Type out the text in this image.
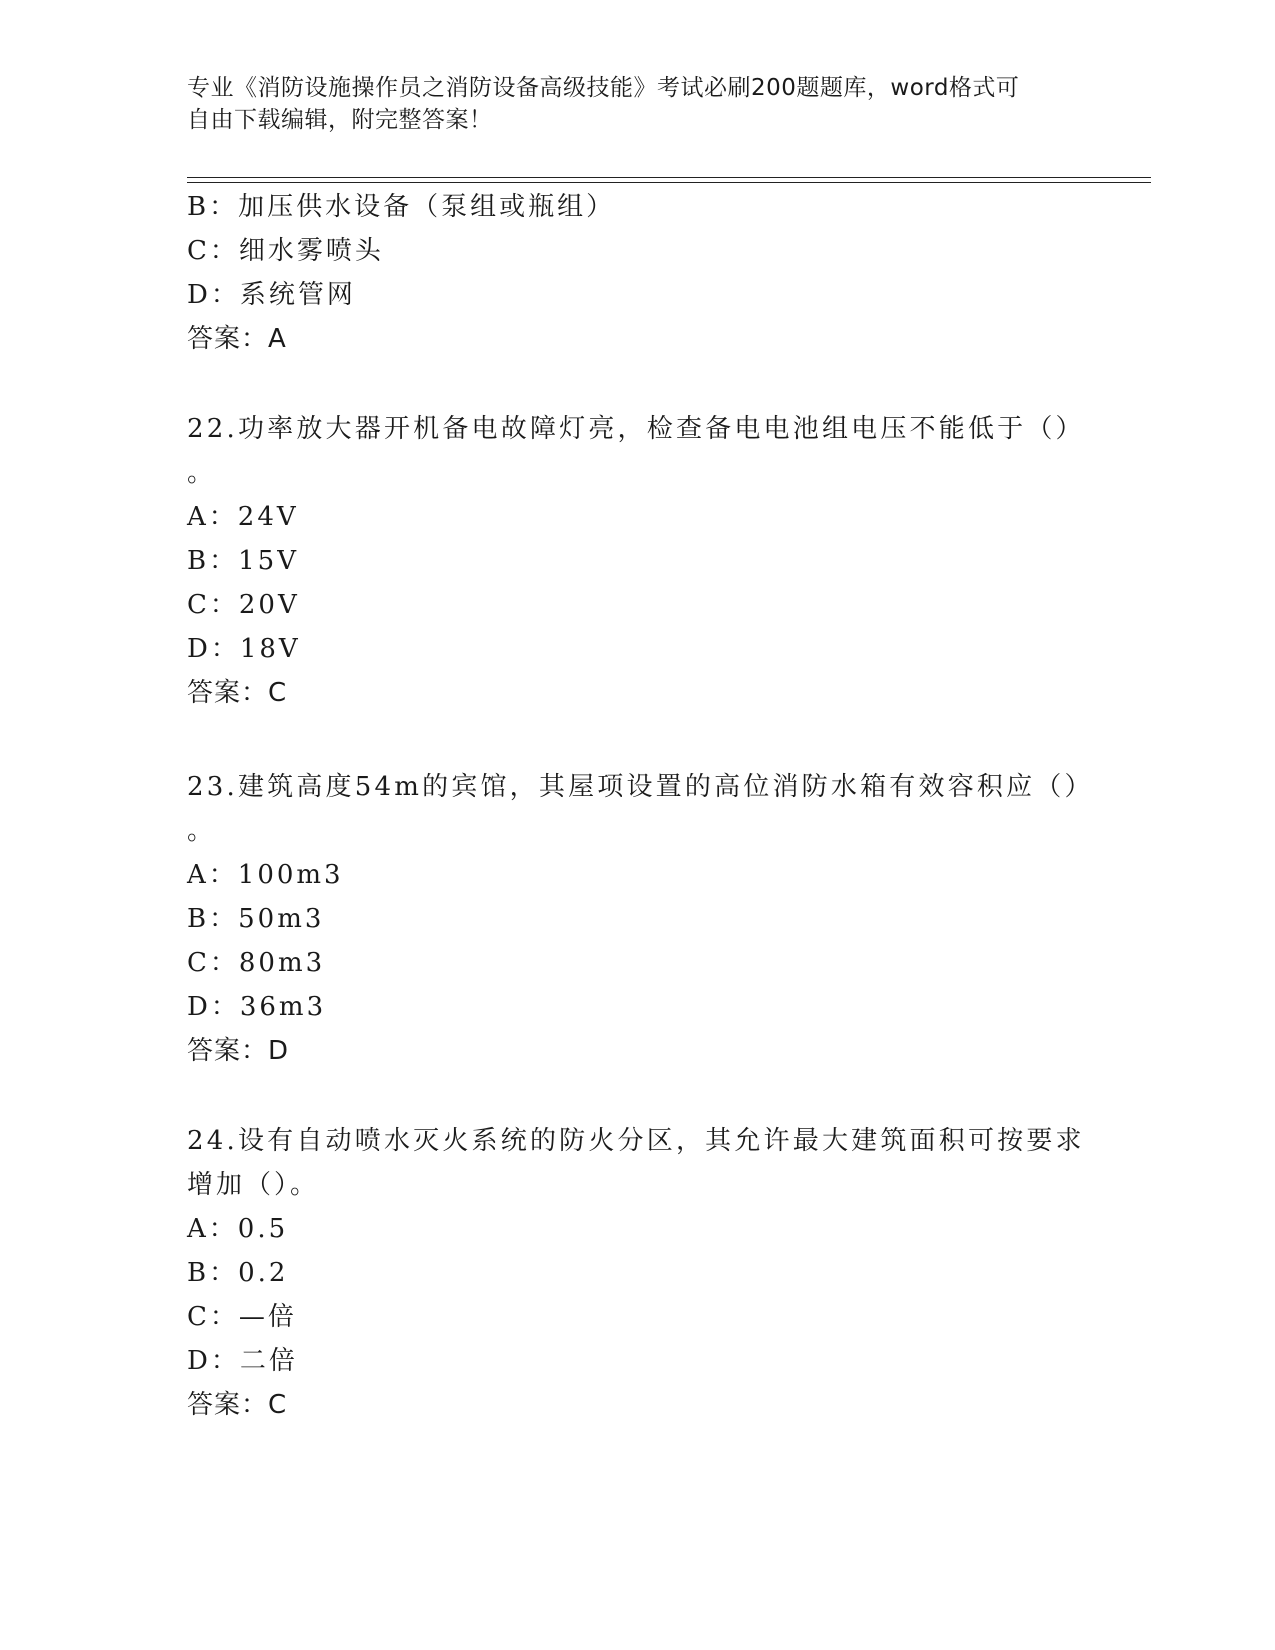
专业《消防设施操作员之消防设备高级技能》考试必刷200题题库，word格式可
自由下载编辑，附完整答案！
B：加压供水设备（泵组或瓶组）
C：细水雾喷头
D：系统管网
答案：A
22.功率放大器开机备电故障灯亮，检查备电电池组电压不能低于（）
。
A：24V
B：15V
C：20V
D：18V
答案：C
23.建筑高度54m的宾馆，其屋项设置的高位消防水箱有效容积应（）
。
A：100m3
B：50m3
C：80m3
D：36m3
答案：D
24.设有自动喷水灭火系统的防火分区，其允许最大建筑面积可按要求
增加（）。
A：0.5
B：0.2
C：—倍
D：二倍
答案：C
